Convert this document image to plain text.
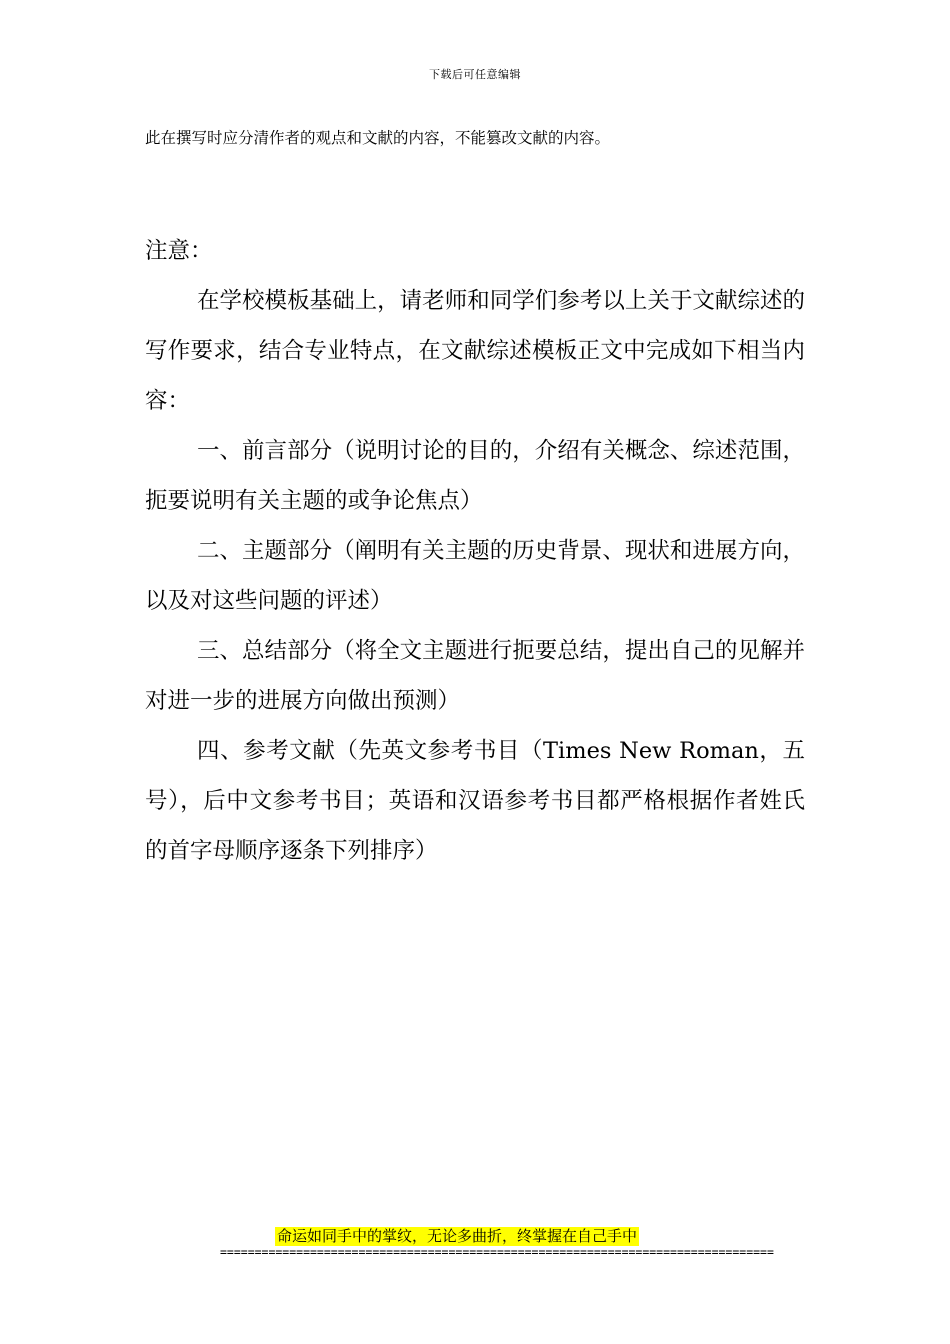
下载后可任意编辑
此在撰写时应分清作者的观点和文献的内容，不能篡改文献的内容。

注意：

在学校模板基础上，请老师和同学们参考以上关于文献综述的写作要求，结合专业特点，在文献综述模板正文中完成如下相当内容：

一、前言部分（说明讨论的目的，介绍有关概念、综述范围，扼要说明有关主题的或争论焦点）

二、主题部分（阐明有关主题的历史背景、现状和进展方向，以及对这些问题的评述）

三、总结部分（将全文主题进行扼要总结，提出自己的见解并对进一步的进展方向做出预测）

四、参考文献（先英文参考书目（Times New Roman，五号），后中文参考书目；英语和汉语参考书目都严格根据作者姓氏的首字母顺序逐条下列排序）

命运如同手中的掌纹，无论多曲折，终掌握在自己手中
================================================================================
